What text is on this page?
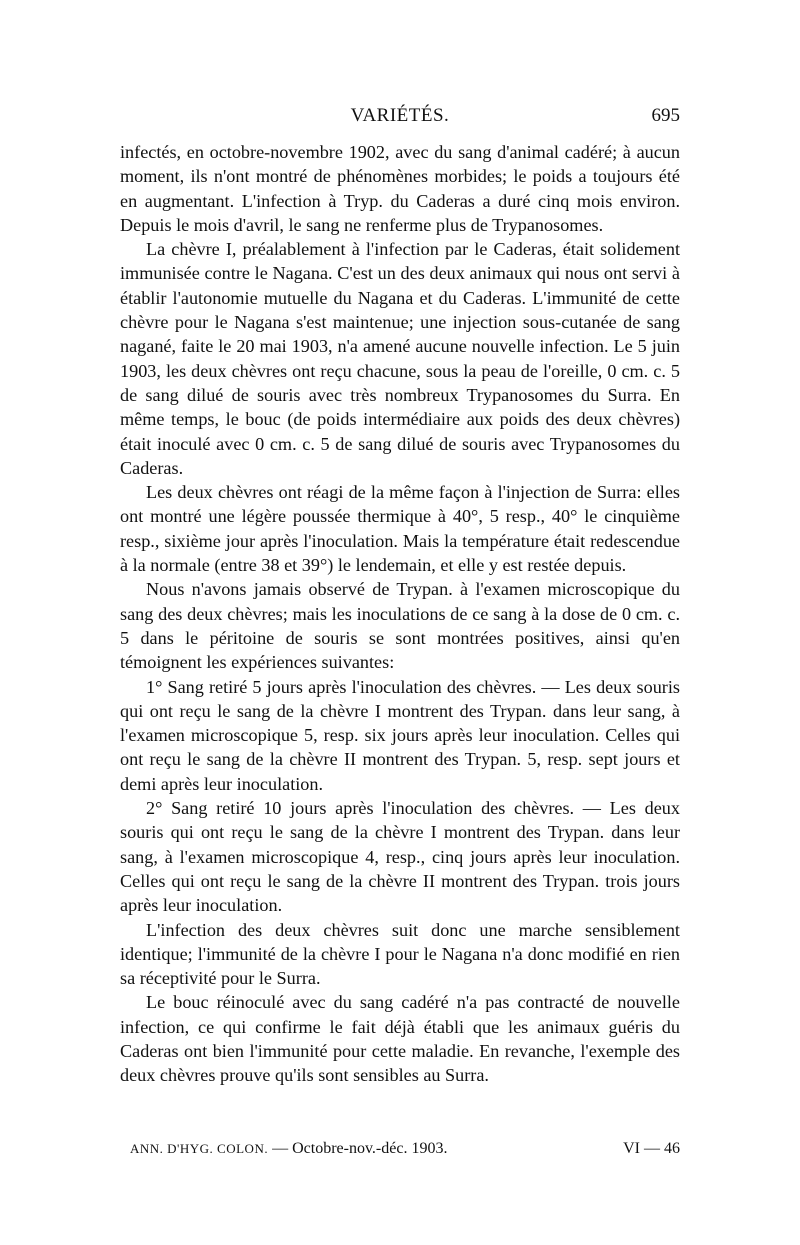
VARIÉTÉS.	695

infectés, en octobre-novembre 1902, avec du sang d'animal cadéré; à aucun moment, ils n'ont montré de phénomènes morbides; le poids a toujours été en augmentant. L'infection à Tryp. du Caderas a duré cinq mois environ. Depuis le mois d'avril, le sang ne renferme plus de Trypanosomes.

La chèvre I, préalablement à l'infection par le Caderas, était solidement immunisée contre le Nagana. C'est un des deux animaux qui nous ont servi à établir l'autonomie mutuelle du Nagana et du Caderas. L'immunité de cette chèvre pour le Nagana s'est maintenue; une injection sous-cutanée de sang nagané, faite le 20 mai 1903, n'a amené aucune nouvelle infection. Le 5 juin 1903, les deux chèvres ont reçu chacune, sous la peau de l'oreille, 0 cm. c. 5 de sang dilué de souris avec très nombreux Trypanosomes du Surra. En même temps, le bouc (de poids intermédiaire aux poids des deux chèvres) était inoculé avec 0 cm. c. 5 de sang dilué de souris avec Trypanosomes du Caderas.

Les deux chèvres ont réagi de la même façon à l'injection de Surra: elles ont montré une légère poussée thermique à 40°, 5 resp., 40° le cinquième resp., sixième jour après l'inoculation. Mais la température était redescendue à la normale (entre 38 et 39°) le lendemain, et elle y est restée depuis.

Nous n'avons jamais observé de Trypan. à l'examen microscopique du sang des deux chèvres; mais les inoculations de ce sang à la dose de 0 cm. c. 5 dans le péritoine de souris se sont montrées positives, ainsi qu'en témoignent les expériences suivantes:

1° Sang retiré 5 jours après l'inoculation des chèvres. — Les deux souris qui ont reçu le sang de la chèvre I montrent des Trypan. dans leur sang, à l'examen microscopique 5, resp. six jours après leur inoculation. Celles qui ont reçu le sang de la chèvre II montrent des Trypan. 5, resp. sept jours et demi après leur inoculation.

2° Sang retiré 10 jours après l'inoculation des chèvres. — Les deux souris qui ont reçu le sang de la chèvre I montrent des Trypan. dans leur sang, à l'examen microscopique 4, resp., cinq jours après leur inoculation. Celles qui ont reçu le sang de la chèvre II montrent des Trypan. trois jours après leur inoculation.

L'infection des deux chèvres suit donc une marche sensiblement identique; l'immunité de la chèvre I pour le Nagana n'a donc modifié en rien sa réceptivité pour le Surra.

Le bouc réinoculé avec du sang cadéré n'a pas contracté de nouvelle infection, ce qui confirme le fait déjà établi que les animaux guéris du Caderas ont bien l'immunité pour cette maladie. En revanche, l'exemple des deux chèvres prouve qu'ils sont sensibles au Surra.

ANN. D'HYG. COLON. — Octobre-nov.-déc. 1903.	VI — 46
